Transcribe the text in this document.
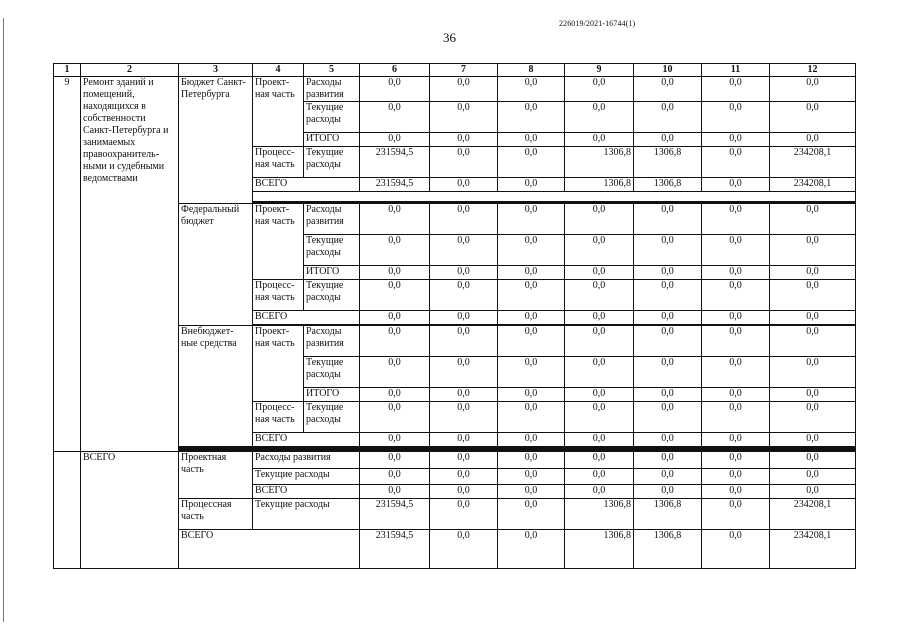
226019/2021-16744(1)
36
1	2	3	4	5	6	7	8	9	10	11	12
9	Ремонт зданий и помещений, находящихся в собственности Санкт-Петербурга и занимаемых правоохранитель-ными и судебными ведомствами	Бюджет Санкт-Петербурга	Проект-ная часть	Расходы развития	0,0	0,0	0,0	0,0	0,0	0,0	0,0
				Текущие расходы	0,0	0,0	0,0	0,0	0,0	0,0	0,0
				ИТОГО	0,0	0,0	0,0	0,0	0,0	0,0	0,0
			Процесс-ная часть	Текущие расходы	231594,5	0,0	0,0	1306,8	1306,8	0,0	234208,1
			ВСЕГО		231594,5	0,0	0,0	1306,8	1306,8	0,0	234208,1

		Федеральный бюджет	Проект-ная часть	Расходы развития	0,0	0,0	0,0	0,0	0,0	0,0	0,0
				Текущие расходы	0,0	0,0	0,0	0,0	0,0	0,0	0,0
				ИТОГО	0,0	0,0	0,0	0,0	0,0	0,0	0,0
			Процесс-ная часть	Текущие расходы	0,0	0,0	0,0	0,0	0,0	0,0	0,0
			ВСЕГО		0,0	0,0	0,0	0,0	0,0	0,0	0,0

		Внебюджет-ные средства	Проект-ная часть	Расходы развития	0,0	0,0	0,0	0,0	0,0	0,0	0,0
				Текущие расходы	0,0	0,0	0,0	0,0	0,0	0,0	0,0
				ИТОГО	0,0	0,0	0,0	0,0	0,0	0,0	0,0
			Процесс-ная часть	Текущие расходы	0,0	0,0	0,0	0,0	0,0	0,0	0,0
			ВСЕГО		0,0	0,0	0,0	0,0	0,0	0,0	0,0

	ВСЕГО	Проектная часть	Расходы развития		0,0	0,0	0,0	0,0	0,0	0,0	0,0
			Текущие расходы		0,0	0,0	0,0	0,0	0,0	0,0	0,0
			ВСЕГО		0,0	0,0	0,0	0,0	0,0	0,0	0,0
		Процессная часть	Текущие расходы		231594,5	0,0	0,0	1306,8	1306,8	0,0	234208,1
		ВСЕГО			231594,5	0,0	0,0	1306,8	1306,8	0,0	234208,1
